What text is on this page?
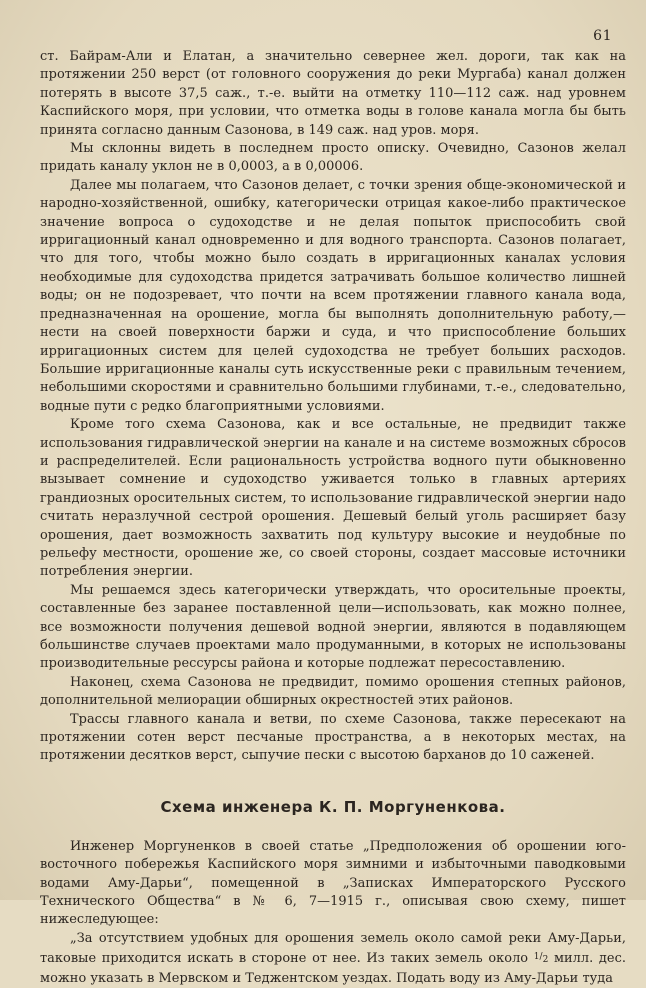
61

ст. Байрам-Али и Елатан, а значительно севернее жел. дороги, так как на протяжении 250 верст (от головного сооружения до реки Мургаба) канал должен потерять в высоте 37,5 саж., т.-е. выйти на отметку 110—112 саж. над уровнем Каспийского моря, при условии, что отметка воды в голове канала могла бы быть принята согласно данным Сазонова, в 149 саж. над уров. моря.

Мы склонны видеть в последнем просто описку. Очевидно, Сазонов желал придать каналу уклон не в 0,0003, а в 0,00006.

Далее мы полагаем, что Сазонов делает, с точки зрения обще-экономической и народно-хозяйственной, ошибку, категорически отрицая какое-либо практическое значение вопроса о судоходстве и не делая попыток приспособить свой ирригационный канал одновременно и для водного транспорта. Сазонов полагает, что для того, чтобы можно было создать в ирригационных каналах условия необходимые для судоходства придется затрачивать большое количество лишней воды; он не подозревает, что почти на всем протяжении главного канала вода, предназначенная на орошение, могла бы выполнять дополнительную работу,—нести на своей поверхности баржи и суда, и что приспособление больших ирригационных систем для целей судоходства не требует больших расходов. Большие ирригационные каналы суть искусственные реки с правильным течением, небольшими скоростями и сравнительно большими глубинами, т.-е., следовательно, водные пути с редко благоприятными условиями.

Кроме того схема Сазонова, как и все остальные, не предвидит также использования гидравлической энергии на канале и на системе возможных сбросов и распределителей. Если рациональность устройства водного пути обыкновенно вызывает сомнение и судоходство уживается только в главных артериях грандиозных оросительных систем, то использование гидравлической энергии надо считать неразлучной сестрой орошения. Дешевый белый уголь расширяет базу орошения, дает возможность захватить под культуру высокие и неудобные по рельефу местности, орошение же, со своей стороны, создает массовые источники потребления энергии.

Мы решаемся здесь категорически утверждать, что оросительные проекты, составленные без заранее поставленной цели—использовать, как можно полнее, все возможности получения дешевой водной энергии, являются в подавляющем большинстве случаев проектами мало продуманными, в которых не использованы производительные рессурсы района и которые подлежат пересоставлению.

Наконец, схема Сазонова не предвидит, помимо орошения степных районов, дополнительной мелиорации обширных окрестностей этих районов.

Трассы главного канала и ветви, по схеме Сазонова, также пересекают на протяжении сотен верст песчаные пространства, а в некоторых местах, на протяжении десятков верст, сыпучие пески с высотою барханов до 10 саженей.

Схема инженера К. П. Моргуненкова.

Инженер Моргуненков в своей статье „Предположения об орошении юго-восточного побережья Каспийского моря зимними и избыточными паводковыми водами Аму-Дарьи“, помещенной в „Записках Императорского Русского Технического Общества“ в № 6, 7—1915 г., описывая свою схему, пишет нижеследующее:

„За отсутствием удобных для орошения земель около самой реки Аму-Дарьи, таковые приходится искать в стороне от нее. Из таких земель около $^{1/_2}$ милл. дес. можно указать в Мервском и Теджентском уездах. Подать воду из Аму-Дарьи туда
